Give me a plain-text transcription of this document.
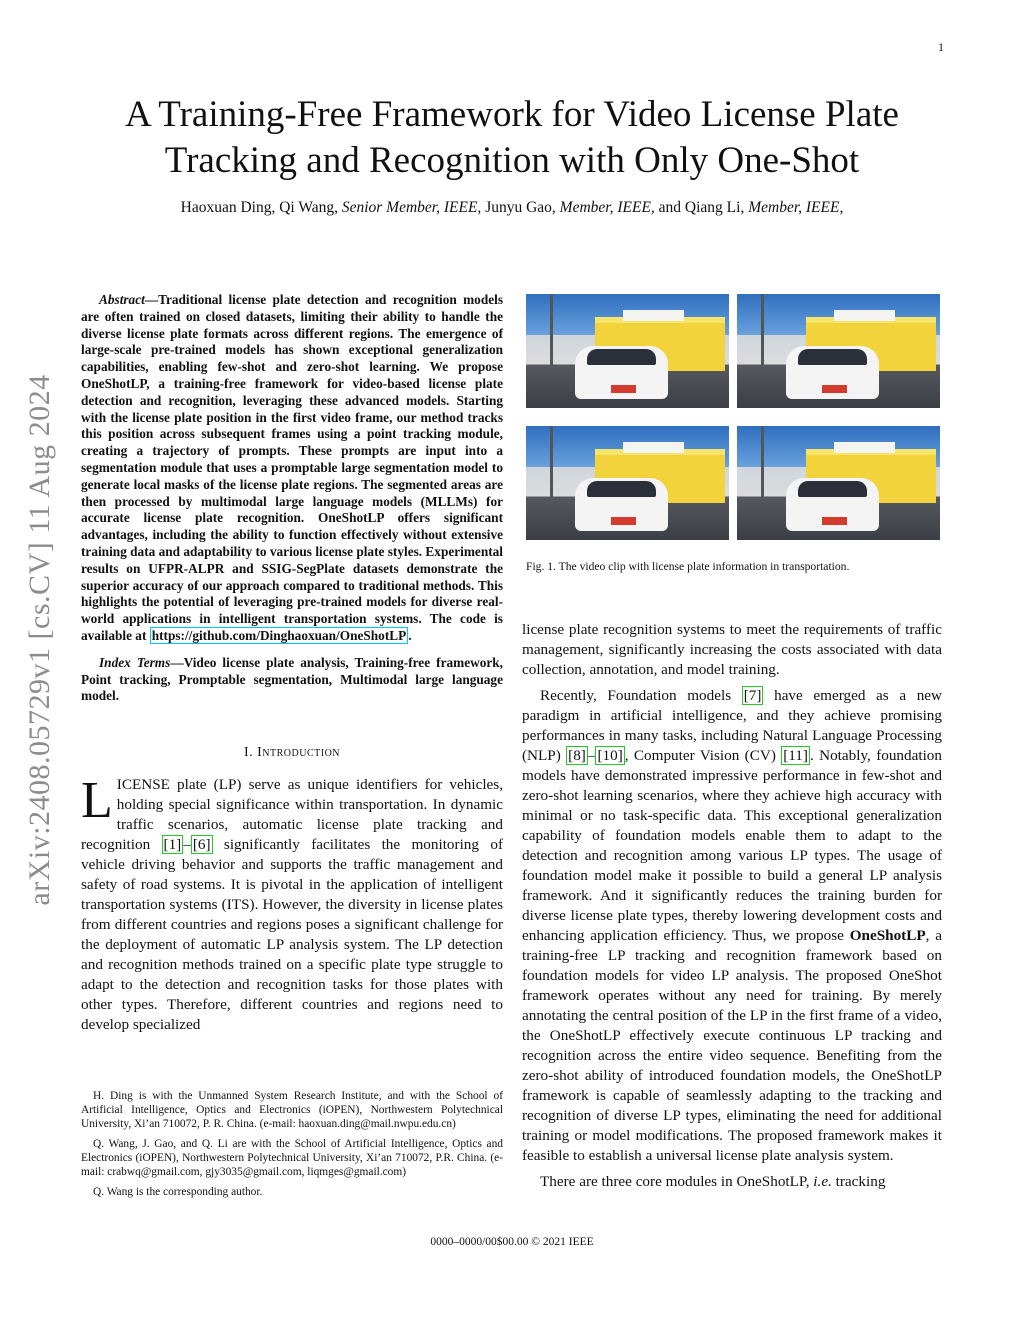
1
arXiv:2408.05729v1 [cs.CV] 11 Aug 2024
A Training-Free Framework for Video License Plate
Tracking and Recognition with Only One-Shot
Haoxuan Ding, Qi Wang, Senior Member, IEEE, Junyu Gao, Member, IEEE, and Qiang Li, Member, IEEE,

Abstract—Traditional license plate detection and recognition models are often trained on closed datasets, limiting their ability to handle the diverse license plate formats across different regions. The emergence of large-scale pre-trained models has shown exceptional generalization capabilities, enabling few-shot and zero-shot learning. We propose OneShotLP, a training-free framework for video-based license plate detection and recognition, leveraging these advanced models. Starting with the license plate position in the first video frame, our method tracks this position across subsequent frames using a point tracking module, creating a trajectory of prompts. These prompts are input into a segmentation module that uses a promptable large segmentation model to generate local masks of the license plate regions. The segmented areas are then processed by multimodal large language models (MLLMs) for accurate license plate recognition. OneShotLP offers significant advantages, including the ability to function effectively without extensive training data and adaptability to various license plate styles. Experimental results on UFPR-ALPR and SSIG-SegPlate datasets demonstrate the superior accuracy of our approach compared to traditional methods. This highlights the potential of leveraging pre-trained models for diverse real-world applications in intelligent transportation systems. The code is available at https://github.com/Dinghaoxuan/OneShotLP .

Index Terms—Video license plate analysis, Training-free framework, Point tracking, Promptable segmentation, Multimodal large language model.

I. Introduction

LICENSE plate (LP) serve as unique identifiers for vehicles, holding special significance within transportation. In dynamic traffic scenarios, automatic license plate tracking and recognition [1] – [6] significantly facilitates the monitoring of vehicle driving behavior and supports the traffic management and safety of road systems. It is pivotal in the application of intelligent transportation systems (ITS). However, the diversity in license plates from different countries and regions poses a significant challenge for the deployment of automatic LP analysis system. The LP detection and recognition methods trained on a specific plate type struggle to adapt to the detection and recognition tasks for those plates with other types. Therefore, different countries and regions need to develop specialized

H. Ding is with the Unmanned System Research Institute, and with the School of Artificial Intelligence, Optics and Electronics (iOPEN), Northwestern Polytechnical University, Xi’an 710072, P. R. China. (e-mail: haoxuan.ding@mail.nwpu.edu.cn)

Q. Wang, J. Gao, and Q. Li are with the School of Artificial Intelligence, Optics and Electronics (iOPEN), Northwestern Polytechnical University, Xi’an 710072, P.R. China. (e-mail: crabwq@gmail.com, gjy3035@gmail.com, liqmges@gmail.com)

Q. Wang is the corresponding author.

Fig. 1. The video clip with license plate information in transportation.

license plate recognition systems to meet the requirements of traffic management, significantly increasing the costs associated with data collection, annotation, and model training.

Recently, Foundation models [7] have emerged as a new paradigm in artificial intelligence, and they achieve promising performances in many tasks, including Natural Language Processing (NLP) [8] – [10] , Computer Vision (CV) [11] . Notably, foundation models have demonstrated impressive performance in few-shot and zero-shot learning scenarios, where they achieve high accuracy with minimal or no task-specific data. This exceptional generalization capability of foundation models enable them to adapt to the detection and recognition among various LP types. The usage of foundation model make it possible to build a general LP analysis framework. And it significantly reduces the training burden for diverse license plate types, thereby lowering development costs and enhancing application efficiency. Thus, we propose OneShotLP, a training-free LP tracking and recognition framework based on foundation models for video LP analysis. The proposed OneShot framework operates without any need for training. By merely annotating the central position of the LP in the first frame of a video, the OneShotLP effectively execute continuous LP tracking and recognition across the entire video sequence. Benefiting from the zero-shot ability of introduced foundation models, the OneShotLP framework is capable of seamlessly adapting to the tracking and recognition of diverse LP types, eliminating the need for additional training or model modifications. The proposed framework makes it feasible to establish a universal license plate analysis system.

There are three core modules in OneShotLP, i.e. tracking

0000–0000/00$00.00 © 2021 IEEE
